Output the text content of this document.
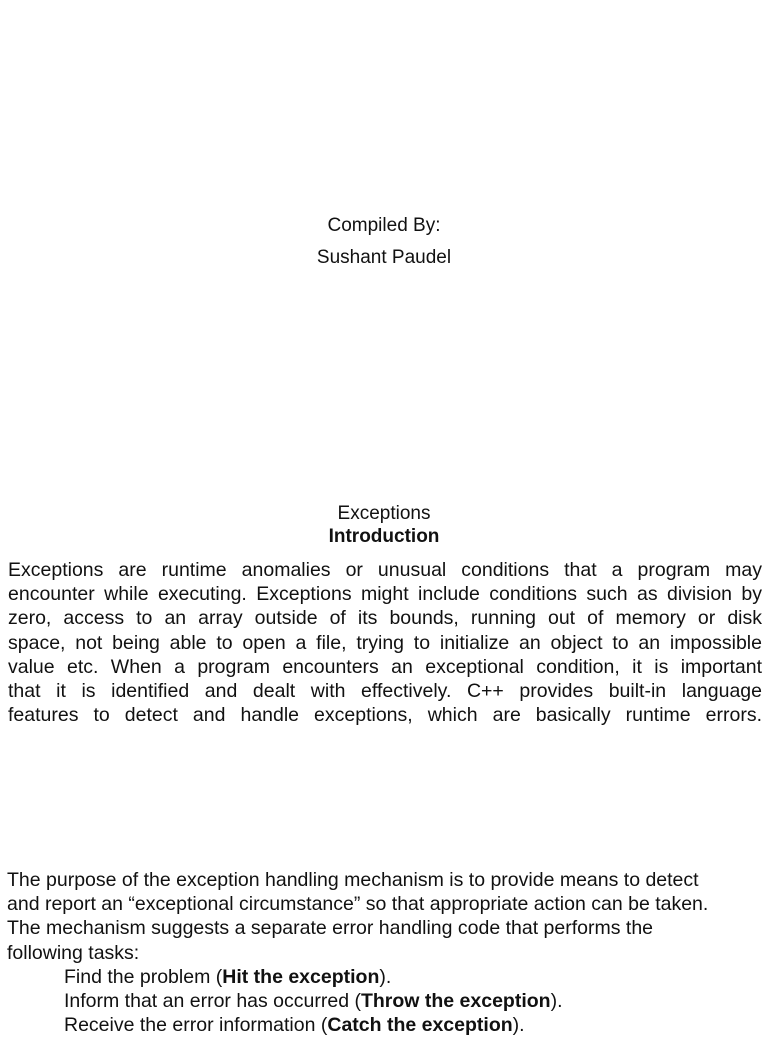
Compiled By:
Sushant Paudel
Exceptions
Introduction
Exceptions are runtime anomalies or unusual conditions that a program may
encounter while executing. Exceptions might include conditions such as division by
zero, access to an array outside of its bounds, running out of memory or disk
space, not being able to open a file, trying to initialize an object to an impossible
value etc. When a program encounters an exceptional condition, it is important
that it is identified and dealt with effectively. C++ provides built-in language
features to detect and handle exceptions, which are basically runtime errors.
The purpose of the exception handling mechanism is to provide means to detect
and report an “exceptional circumstance” so that appropriate action can be taken.
The mechanism suggests a separate error handling code that performs the
following tasks:
Find the problem (Hit the exception).
Inform that an error has occurred (Throw the exception).
Receive the error information (Catch the exception).
